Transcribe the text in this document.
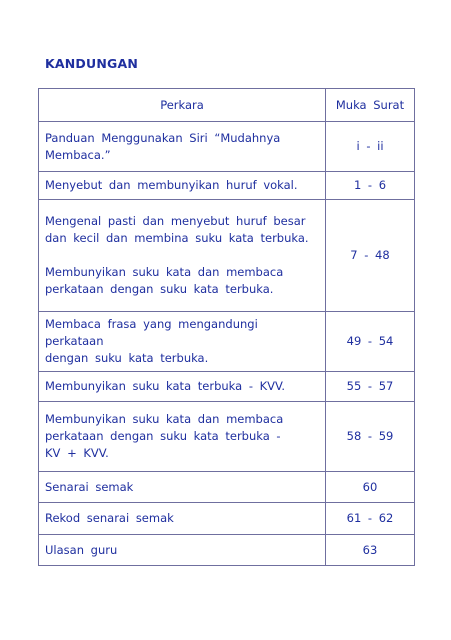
KANDUNGAN
Perkara	Muka Surat

Panduan Menggunakan Siri “Mudahnya
Membaca.”	i - ii

Menyebut dan membunyikan huruf vokal.	1 - 6

Mengenal pasti dan menyebut huruf besar
dan kecil dan membina suku kata terbuka.
Membunyikan suku kata dan membaca
perkataan dengan suku kata terbuka.	7 - 48

Membaca frasa yang mengandungi perkataan
dengan suku kata terbuka.	49 - 54

Membunyikan suku kata terbuka - KVV.	55 - 57

Membunyikan suku kata dan membaca
perkataan dengan suku kata terbuka -
KV + KVV.	58 - 59

Senarai semak	60

Rekod senarai semak	61 - 62

Ulasan guru	63
